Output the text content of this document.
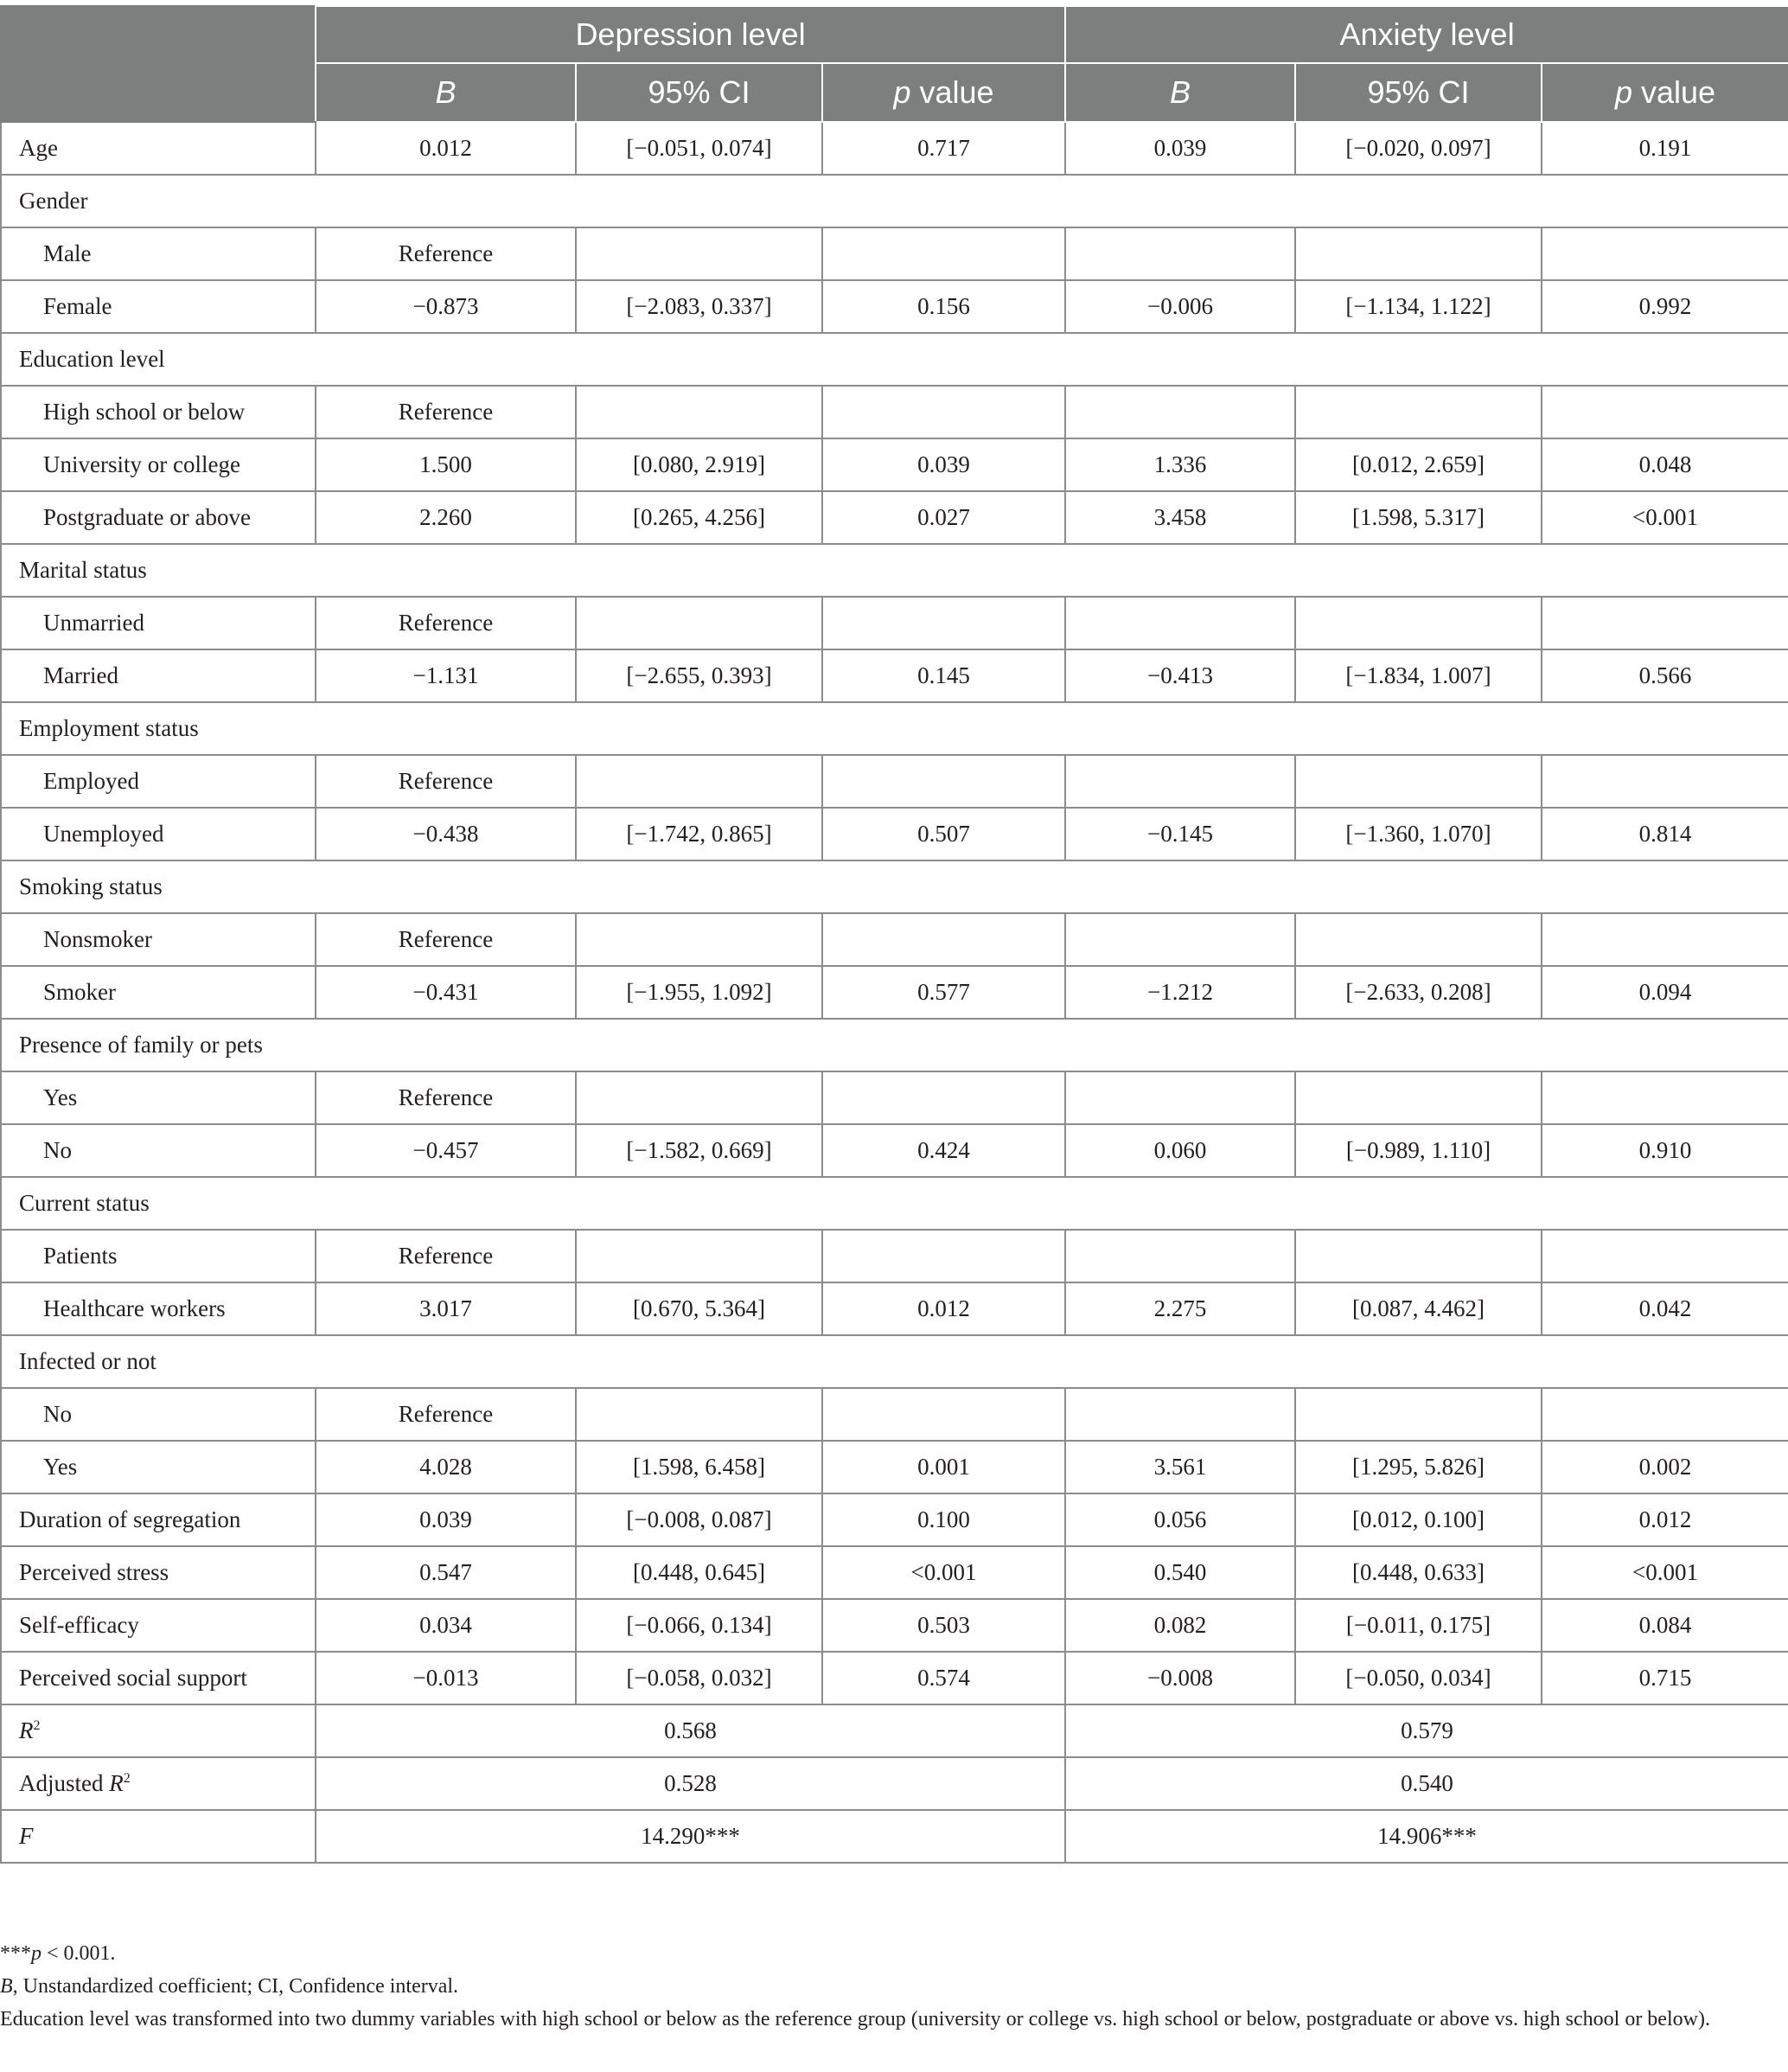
	Depression level			Anxiety level		
	B	95% CI	p value	B	95% CI	p value
Age	0.012	[−0.051, 0.074]	0.717	0.039	[−0.020, 0.097]	0.191
Gender						
Male	Reference					
Female	−0.873	[−2.083, 0.337]	0.156	−0.006	[−1.134, 1.122]	0.992
Education level						
High school or below	Reference					
University or college	1.500	[0.080, 2.919]	0.039	1.336	[0.012, 2.659]	0.048
Postgraduate or above	2.260	[0.265, 4.256]	0.027	3.458	[1.598, 5.317]	<0.001
Marital status						
Unmarried	Reference					
Married	−1.131	[−2.655, 0.393]	0.145	−0.413	[−1.834, 1.007]	0.566
Employment status						
Employed	Reference					
Unemployed	−0.438	[−1.742, 0.865]	0.507	−0.145	[−1.360, 1.070]	0.814
Smoking status						
Nonsmoker	Reference					
Smoker	−0.431	[−1.955, 1.092]	0.577	−1.212	[−2.633, 0.208]	0.094
Presence of family or pets						
Yes	Reference					
No	−0.457	[−1.582, 0.669]	0.424	0.060	[−0.989, 1.110]	0.910
Current status						
Patients	Reference					
Healthcare workers	3.017	[0.670, 5.364]	0.012	2.275	[0.087, 4.462]	0.042
Infected or not						
No	Reference					
Yes	4.028	[1.598, 6.458]	0.001	3.561	[1.295, 5.826]	0.002
Duration of segregation	0.039	[−0.008, 0.087]	0.100	0.056	[0.012, 0.100]	0.012
Perceived stress	0.547	[0.448, 0.645]	<0.001	0.540	[0.448, 0.633]	<0.001
Self-efficacy	0.034	[−0.066, 0.134]	0.503	0.082	[−0.011, 0.175]	0.084
Perceived social support	−0.013	[−0.058, 0.032]	0.574	−0.008	[−0.050, 0.034]	0.715
$R^2$	0.568			0.579		
Adjusted $R^2$	0.528			0.540		
F	14.290***			14.906***		

***p < 0.001.

B, Unstandardized coefficient; CI, Confidence interval.

Education level was transformed into two dummy variables with high school or below as the reference group (university or college vs. high school or below, postgraduate or above vs. high school or below).
